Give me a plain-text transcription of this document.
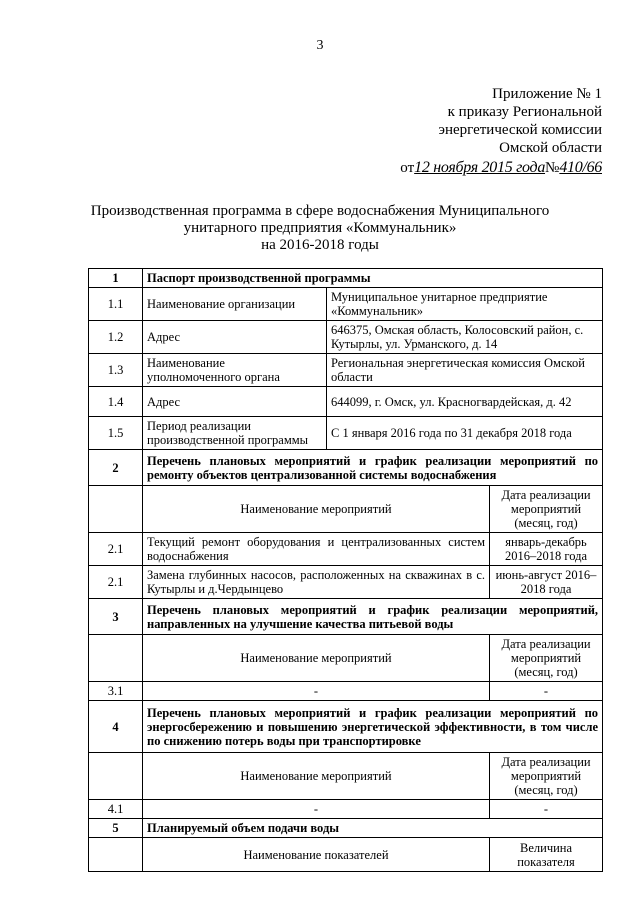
3
Приложение № 1
к приказу Региональной
энергетической комиссии
Омской области
от12 ноября 2015 года№410/66
Производственная программа в сфере водоснабжения Муниципального
унитарного предприятия «Коммунальник»
на 2016-2018 годы
1	Паспорт производственной программы		
1.1	Наименование организации	Муниципальное унитарное предприятие «Коммунальник»	
1.2	Адрес	646375, Омская область, Колосовский район, с. Кутырлы, ул. Урманского, д. 14	
1.3	Наименование уполномоченного органа	Региональная энергетическая комиссия Омской области	
1.4	Адрес	644099, г. Омск, ул. Красногвардейская, д. 42	
1.5	Период реализации производственной программы	С 1 января 2016 года по 31 декабря 2018 года	
2	Перечень плановых мероприятий и график реализации мероприятий по ремонту объектов централизованной системы водоснабжения		
	Наименование мероприятий		Дата реализации мероприятий (месяц, год)
2.1	Текущий ремонт оборудования и централизованных систем водоснабжения		январь-декабрь 2016–2018 года
2.1	Замена глубинных насосов, расположенных на скважинах в с. Кутырлы и д.Чердынцево		июнь-август 2016–2018 года
3	Перечень плановых мероприятий и график реализации мероприятий, направленных на улучшение качества питьевой воды		
	Наименование мероприятий		Дата реализации мероприятий (месяц, год)
3.1	-		-
4	Перечень плановых мероприятий и график реализации мероприятий по энергосбережению и повышению энергетической эффективности, в том числе по снижению потерь воды при транспортировке		
	Наименование мероприятий		Дата реализации мероприятий (месяц, год)
4.1	-		-
5	Планируемый объем подачи воды		
	Наименование показателей		Величина показателя
